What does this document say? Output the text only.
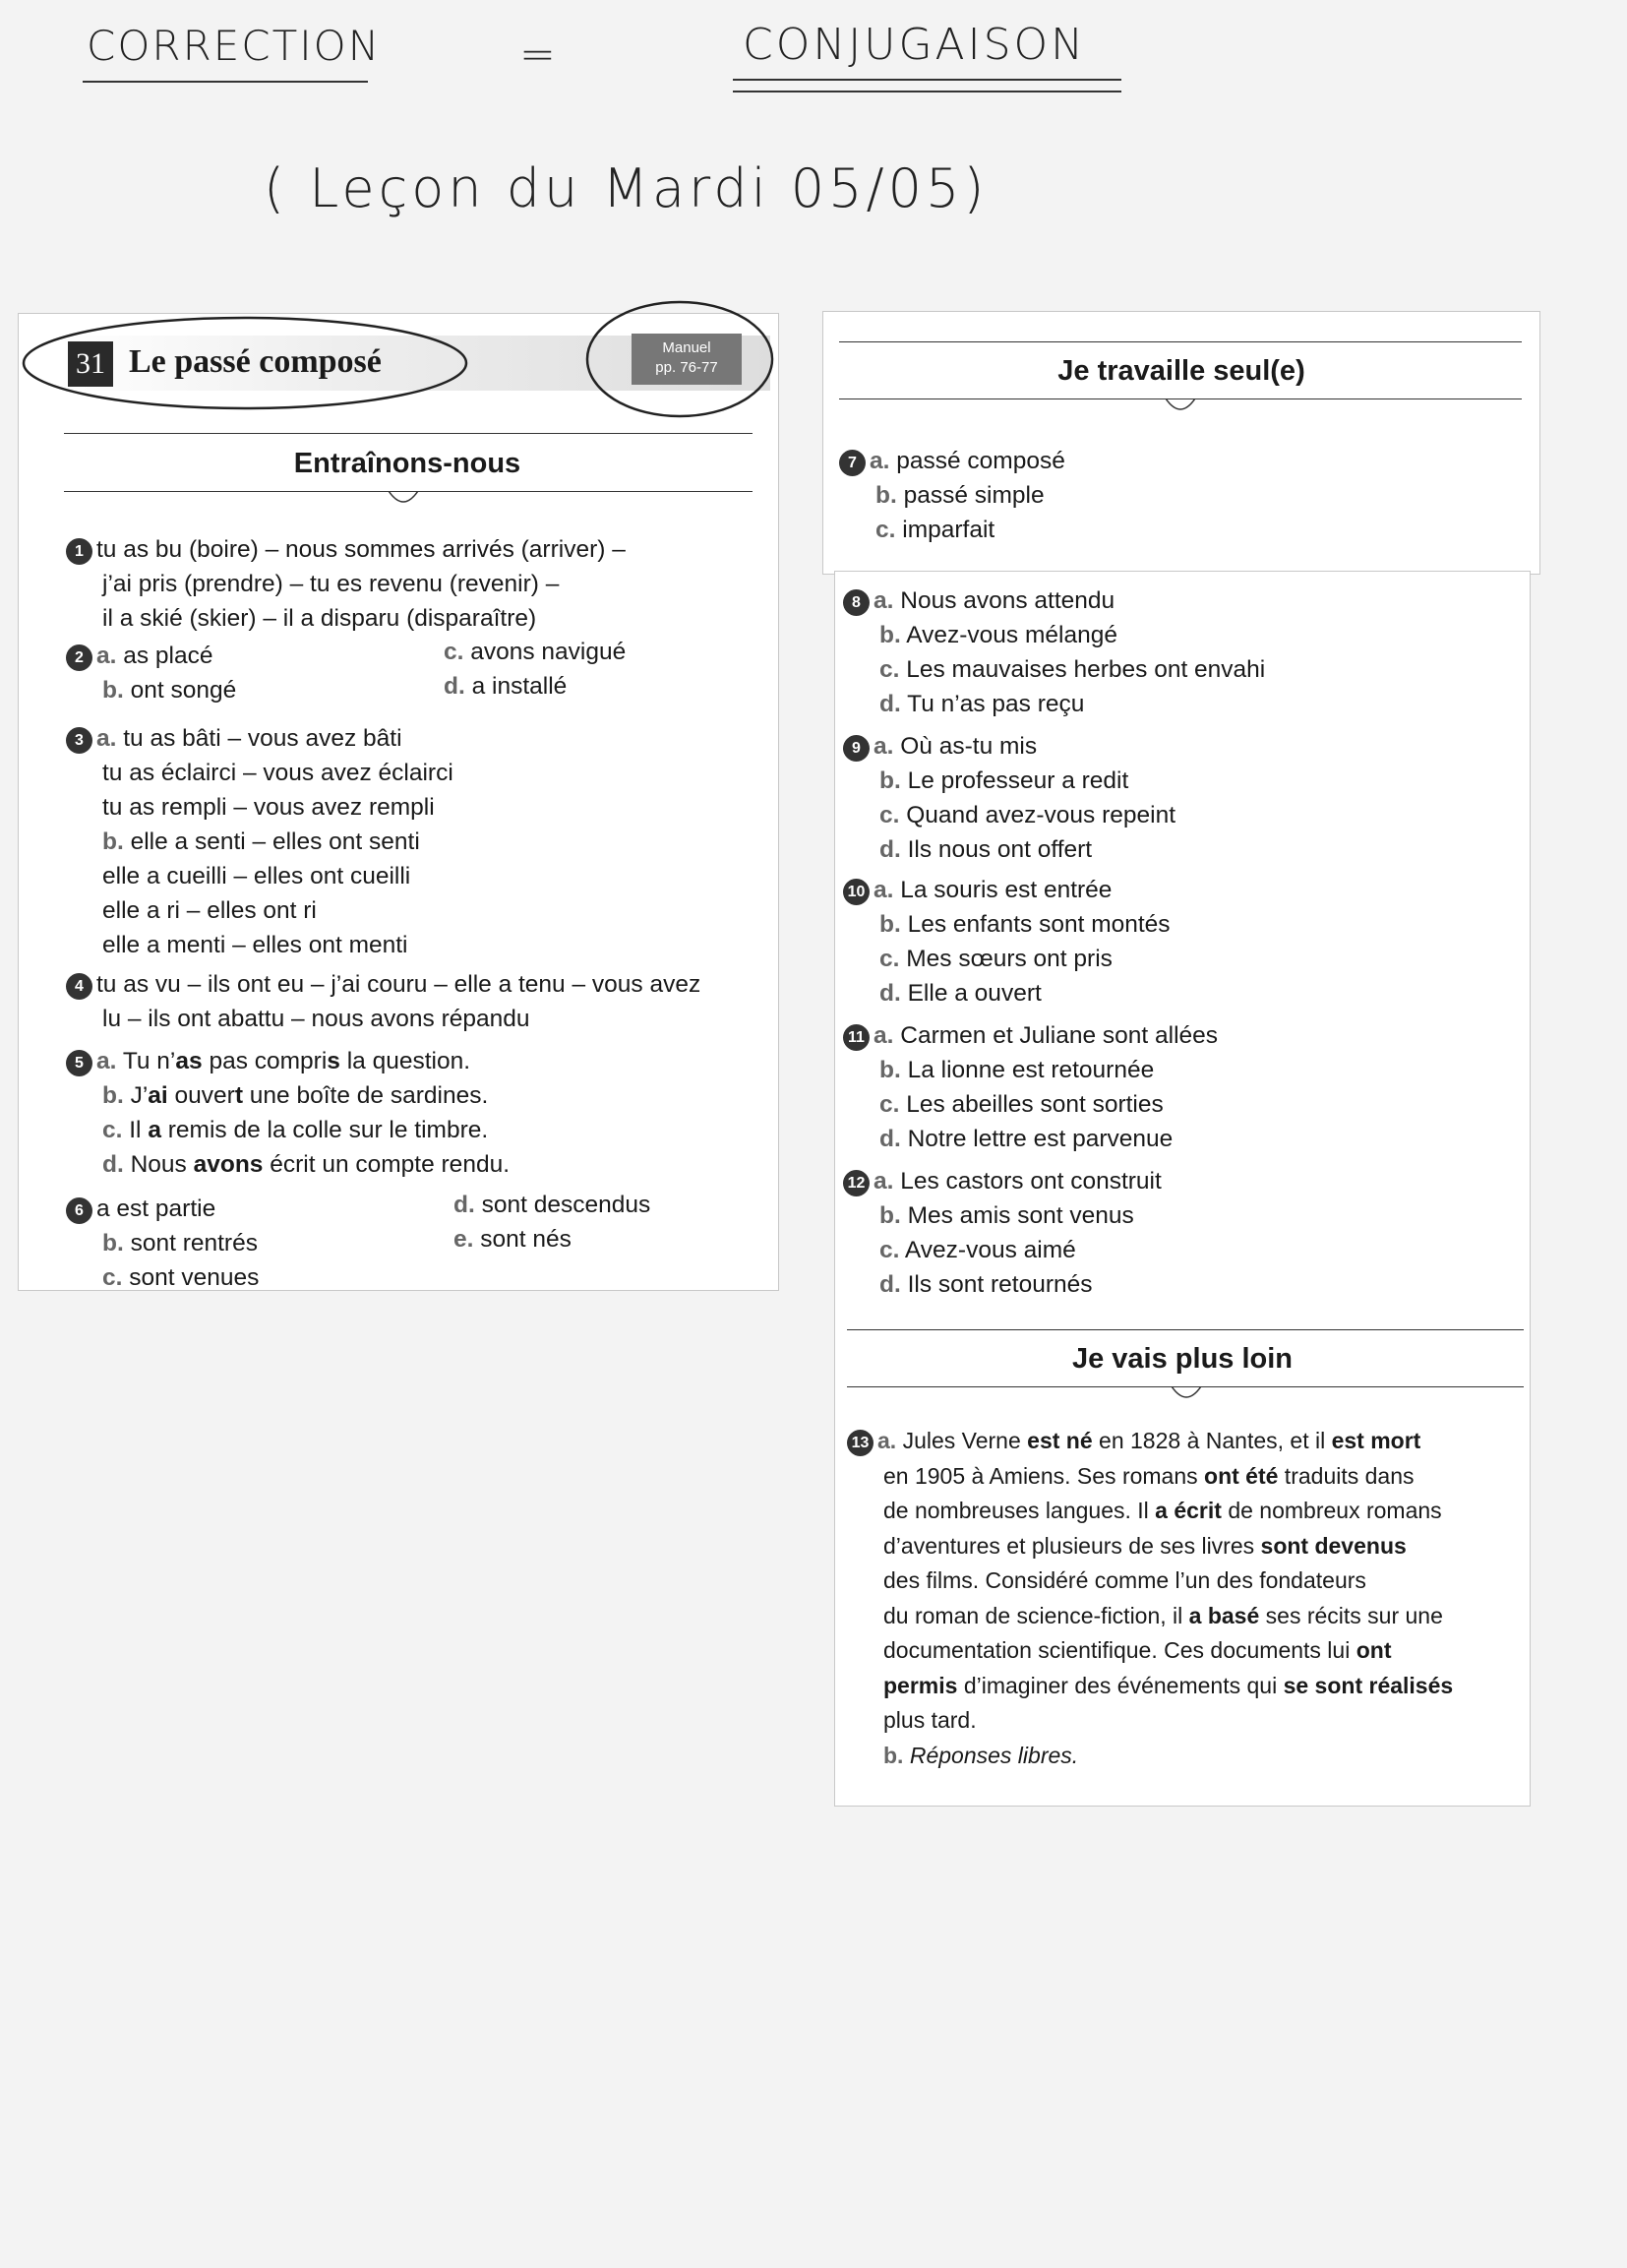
CORRECTION	=	CONJUGAISON
( Leçon du Mardi 05/05)
31 Le passé composé	Manuel
pp. 76-77
Entraînons-nous
1 tu as bu (boire) – nous sommes arrivés (arriver) –
j’ai pris (prendre) – tu es revenu (revenir) –
il a skié (skier) – il a disparu (disparaître)
2 a. as placé
b. ont songé
c. avons navigué
d. a installé
3 a. tu as bâti – vous avez bâti
tu as éclairci – vous avez éclairci
tu as rempli – vous avez rempli
b. elle a senti – elles ont senti
elle a cueilli – elles ont cueilli
elle a ri – elles ont ri
elle a menti – elles ont menti
4 tu as vu – ils ont eu – j’ai couru – elle a tenu – vous avez
lu – ils ont abattu – nous avons répandu
5 a. Tu n’as pas compris la question.
b. J’ai ouvert une boîte de sardines.
c. Il a remis de la colle sur le timbre.
d. Nous avons écrit un compte rendu.
6 a est partie
b. sont rentrés
c. sont venues
d. sont descendus
e. sont nés
Je travaille seul(e)
7 a. passé composé
b. passé simple
c. imparfait
8 a. Nous avons attendu
b. Avez-vous mélangé
c. Les mauvaises herbes ont envahi
d. Tu n’as pas reçu
9 a. Où as-tu mis
b. Le professeur a redit
c. Quand avez-vous repeint
d. Ils nous ont offert
10 a. La souris est entrée
b. Les enfants sont montés
c. Mes sœurs ont pris
d. Elle a ouvert
11 a. Carmen et Juliane sont allées
b. La lionne est retournée
c. Les abeilles sont sorties
d. Notre lettre est parvenue
12 a. Les castors ont construit
b. Mes amis sont venus
c. Avez-vous aimé
d. Ils sont retournés
Je vais plus loin
13 a. Jules Verne est né en 1828 à Nantes, et il est mort
en 1905 à Amiens. Ses romans ont été traduits dans
de nombreuses langues. Il a écrit de nombreux romans
d’aventures et plusieurs de ses livres sont devenus
des films. Considéré comme l’un des fondateurs
du roman de science-fiction, il a basé ses récits sur une
documentation scientifique. Ces documents lui ont
permis d’imaginer des événements qui se sont réalisés
plus tard.
b. Réponses libres.
